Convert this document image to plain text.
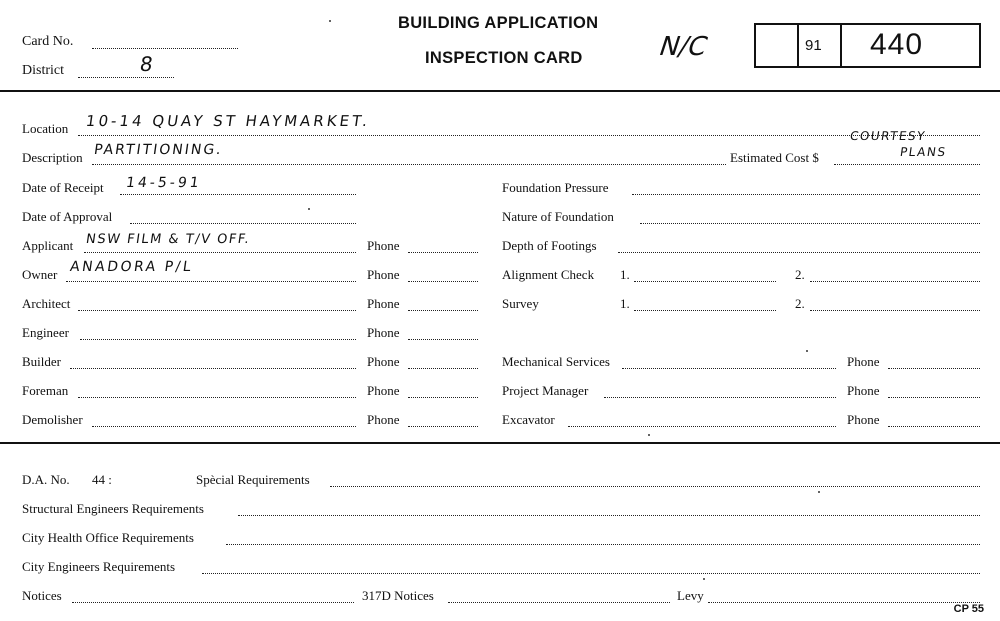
Card No.
District	8
BUILDING APPLICATION
INSPECTION CARD	N/C	91 440
Location 10-14 QUAY ST HAYMARKET.
Description PARTITIONING.	Estimated Cost $
COURTESY
PLANS
Date of Receipt 14-5-91
Date of Approval
Applicant NSW FILM & T/V OFF.	Phone
Owner ANADORA P/L	Phone
Architect	Phone
Engineer	Phone
Builder	Phone
Foreman	Phone
Demolisher	Phone
Foundation Pressure
Nature of Foundation
Depth of Footings
Alignment Check 1.	2.
Survey	1.	2.
Mechanical Services	Phone
Project Manager	Phone
Excavator	Phone
D.A. No. 44 :	Spècial Requirements
Structural Engineers Requirements
City Health Office Requirements
City Engineers Requirements
Notices	317D Notices	Levy
CP 55
